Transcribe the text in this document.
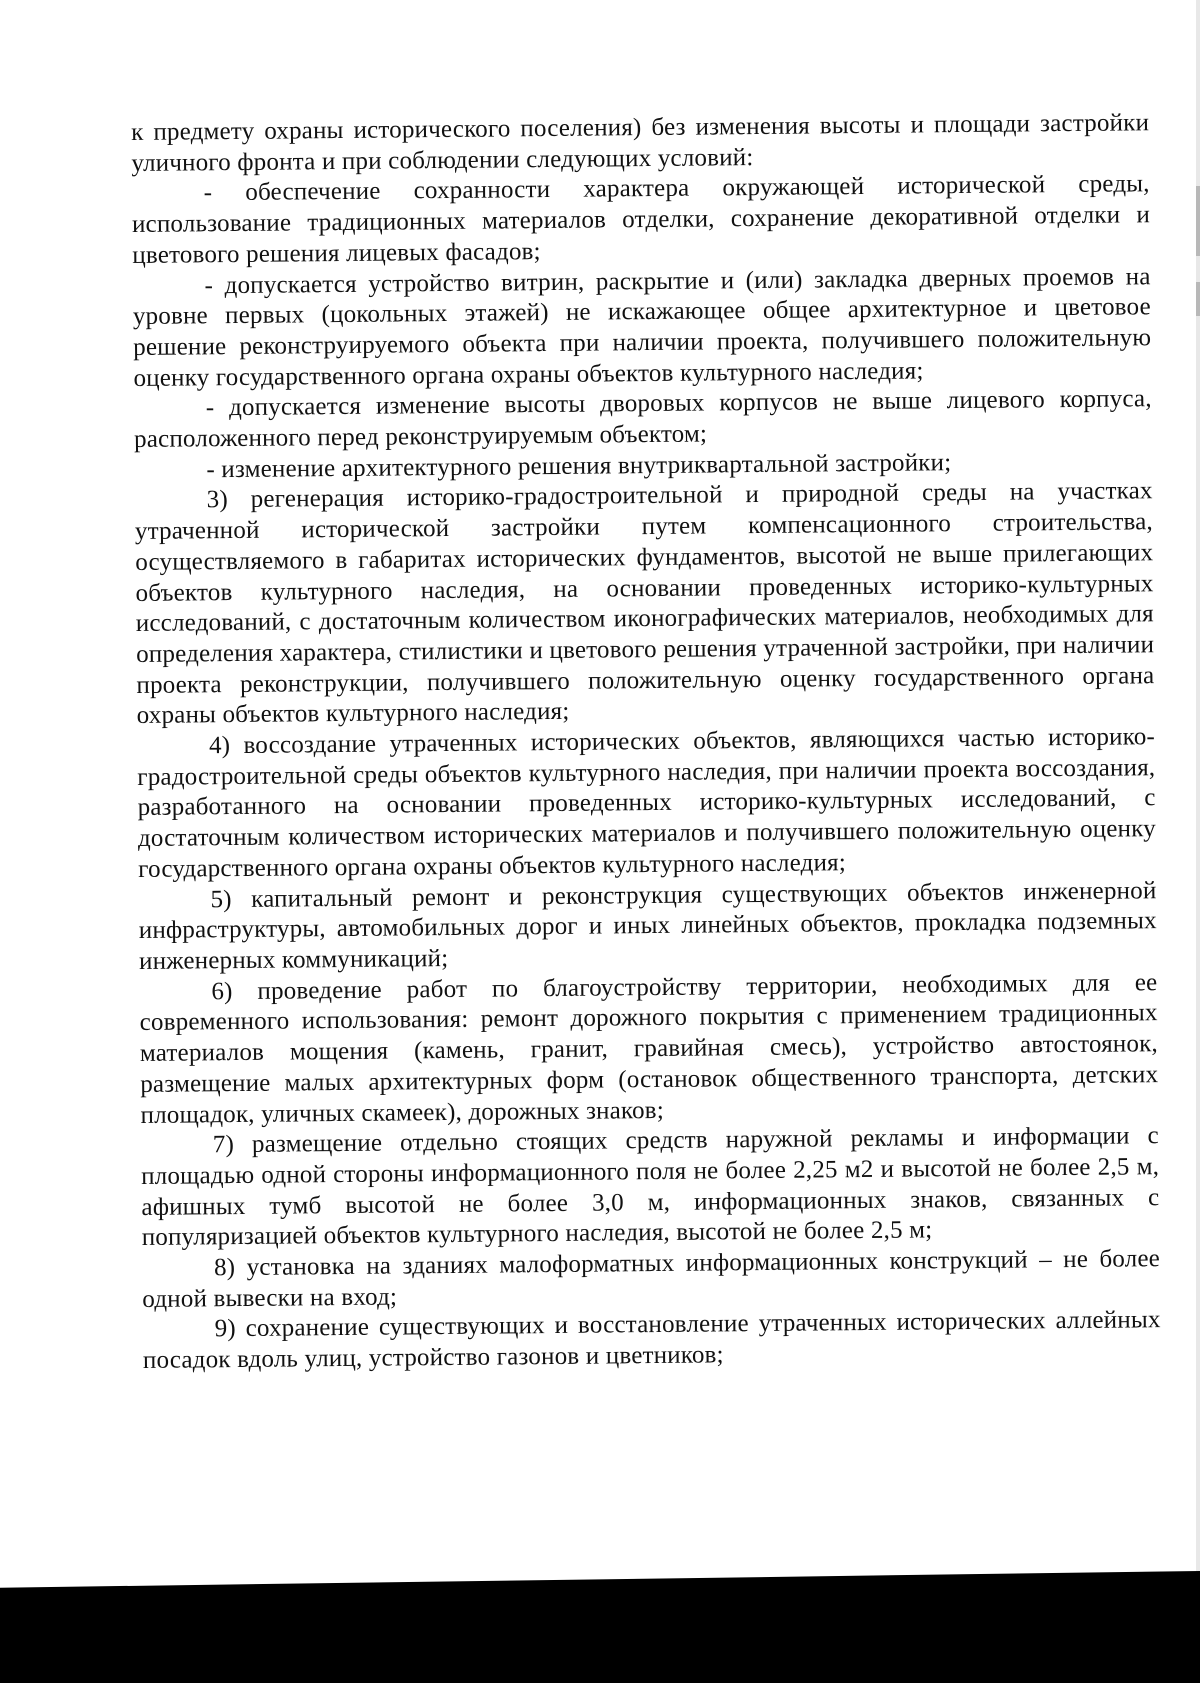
к предмету охраны исторического поселения) без изменения высоты и площади застройки уличного фронта и при соблюдении следующих условий:

- обеспечение сохранности характера окружающей исторической среды, использование традиционных материалов отделки, сохранение декоративной отделки и цветового решения лицевых фасадов;

- допускается устройство витрин, раскрытие и (или) закладка дверных проемов на уровне первых (цокольных этажей) не искажающее общее архитектурное и цветовое решение реконструируемого объекта при наличии проекта, получившего положительную оценку государственного органа охраны объектов культурного наследия;

- допускается изменение высоты дворовых корпусов не выше лицевого корпуса, расположенного перед реконструируемым объектом;

- изменение архитектурного решения внутриквартальной застройки;

3) регенерация историко-градостроительной и природной среды на участках утраченной исторической застройки путем компенсационного строительства, осуществляемого в габаритах исторических фундаментов, высотой не выше прилегающих объектов культурного наследия, на основании проведенных историко-культурных исследований, с достаточным количеством иконографических материалов, необходимых для определения характера, стилистики и цветового решения утраченной застройки, при наличии проекта реконструкции, получившего положительную оценку государственного органа охраны объектов культурного наследия;

4) воссоздание утраченных исторических объектов, являющихся частью историко- градостроительной среды объектов культурного наследия, при наличии проекта воссоздания, разработанного на основании проведенных историко-культурных исследований, с достаточным количеством исторических материалов и получившего положительную оценку государственного органа охраны объектов культурного наследия;

5) капитальный ремонт и реконструкция существующих объектов инженерной инфраструктуры, автомобильных дорог и иных линейных объектов, прокладка подземных инженерных коммуникаций;

6) проведение работ по благоустройству территории, необходимых для ее современного использования: ремонт дорожного покрытия с применением традиционных материалов мощения (камень, гранит, гравийная смесь), устройство автостоянок, размещение малых архитектурных форм (остановок общественного транспорта, детских площадок, уличных скамеек), дорожных знаков;

7) размещение отдельно стоящих средств наружной рекламы и информации с площадью одной стороны информационного поля не более 2,25 м2 и высотой не более 2,5 м, афишных тумб высотой не более 3,0 м, информационных знаков, связанных с популяризацией объектов культурного наследия, высотой не более 2,5 м;

8) установка на зданиях малоформатных информационных конструкций – не более одной вывески на вход;

9) сохранение существующих и восстановление утраченных исторических аллейных посадок вдоль улиц, устройство газонов и цветников;
